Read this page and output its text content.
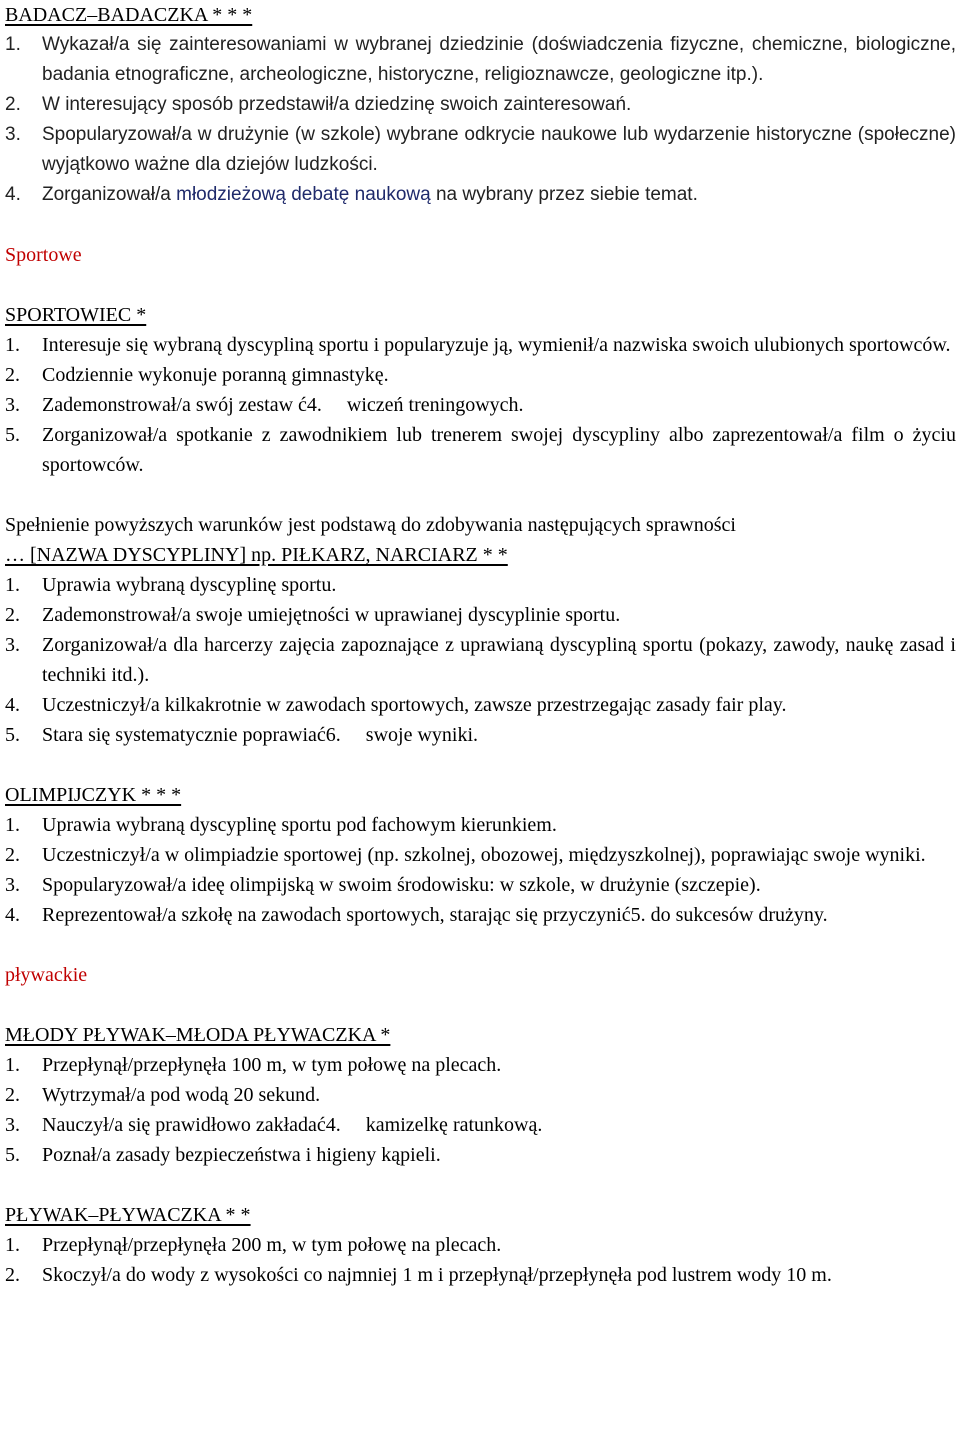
BADACZ–BADACZKA * * *
1.	Wykazał/a się zainteresowaniami w wybranej dziedzinie (doświadczenia fizyczne, chemiczne, biologiczne, badania etnograficzne, archeologiczne, historyczne, religioznawcze, geologiczne itp.).
2.	W interesujący sposób przedstawił/a dziedzinę swoich zainteresowań.
3.	Spopularyzował/a w drużynie (w szkole) wybrane odkrycie naukowe lub wydarzenie historyczne (społeczne) wyjątkowo ważne dla dziejów ludzkości.
4.	Zorganizował/a młodzieżową debatę naukową na wybrany przez siebie temat.
Sportowe
SPORTOWIEC *
1.	Interesuje się wybraną dyscypliną sportu i popularyzuje ją, wymienił/a nazwiska swoich ulubionych sportowców.
2.	Codziennie wykonuje poranną gimnastykę.
3.	Zademonstrował/a swój zestaw ć4.     wiczeń treningowych.
5.	Zorganizował/a spotkanie z zawodnikiem lub trenerem swojej dyscypliny albo zaprezentował/a film o życiu sportowców.
Spełnienie powyższych warunków jest podstawą do zdobywania następujących sprawności
… [NAZWA DYSCYPLINY] np. PIŁKARZ, NARCIARZ * *
1.	Uprawia wybraną dyscyplinę sportu.
2.	Zademonstrował/a swoje umiejętności w uprawianej dyscyplinie sportu.
3.	Zorganizował/a dla harcerzy zajęcia zapoznające z uprawianą dyscypliną sportu (pokazy, zawody, naukę zasad i techniki itd.).
4.	Uczestniczył/a kilkakrotnie w zawodach sportowych, zawsze przestrzegając zasady fair play.
5.	Stara się systematycznie poprawiać6.     swoje wyniki.
OLIMPIJCZYK * * *
1.	Uprawia wybraną dyscyplinę sportu pod fachowym kierunkiem.
2.	Uczestniczył/a w olimpiadzie sportowej (np. szkolnej, obozowej, międzyszkolnej), poprawiając swoje wyniki.
3.	Spopularyzował/a ideę olimpijską w swoim środowisku: w szkole, w drużynie (szczepie).
4.	Reprezentował/a szkołę na zawodach sportowych, starając się przyczynić5. do sukcesów drużyny.
pływackie
MŁODY PŁYWAK–MŁODA PŁYWACZKA *
1.	Przepłynął/przepłynęła 100 m, w tym połowę na plecach.
2.	Wytrzymał/a pod wodą 20 sekund.
3.	Nauczył/a się prawidłowo zakładać4.     kamizelkę ratunkową.
5.	Poznał/a zasady bezpieczeństwa i higieny kąpieli.
PŁYWAK–PŁYWACZKA * *
1.	Przepłynął/przepłynęła 200 m, w tym połowę na plecach.
2.	Skoczył/a do wody z wysokości co najmniej 1 m i przepłynął/przepłynęła pod lustrem wody 10 m.
